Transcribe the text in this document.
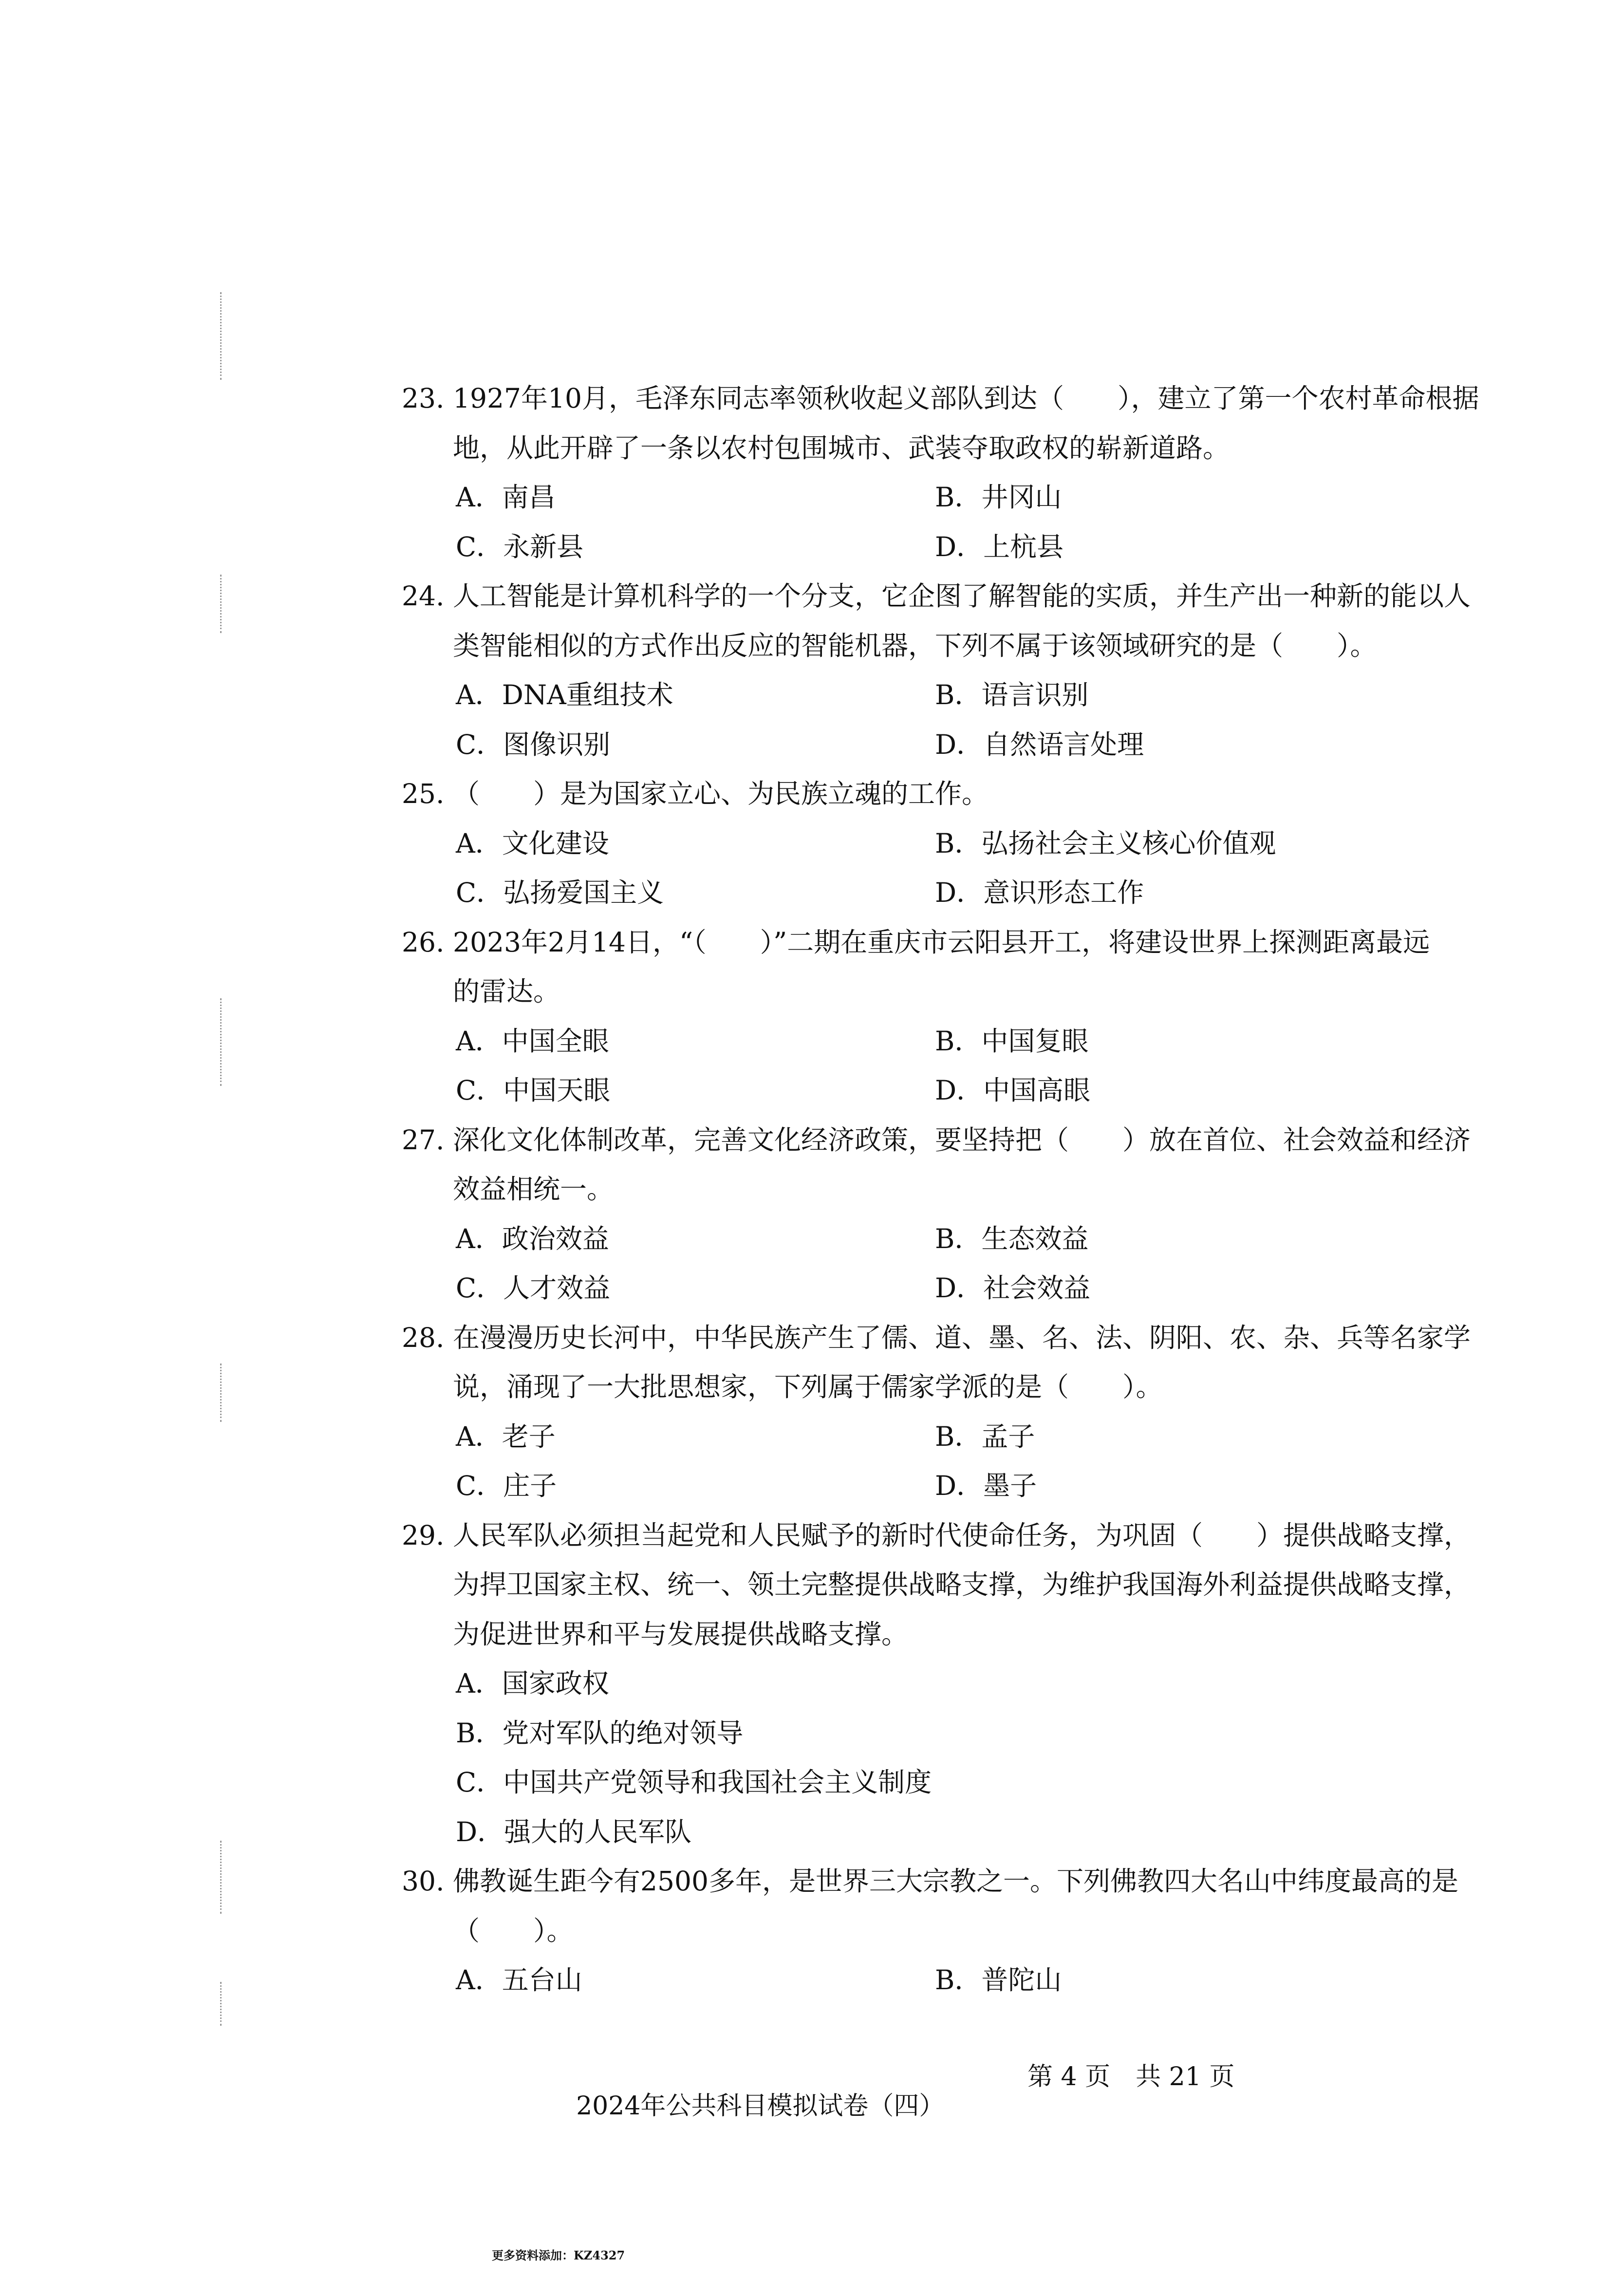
23. 1927年10月，毛泽东同志率领秋收起义部队到达（　　），建立了第一个农村革命根据
地，从此开辟了一条以农村包围城市、武装夺取政权的崭新道路。
A．南昌	B．井冈山
C．永新县	D．上杭县
24. 人工智能是计算机科学的一个分支，它企图了解智能的实质，并生产出一种新的能以人
类智能相似的方式作出反应的智能机器，下列不属于该领域研究的是（　　）。
A．DNA重组技术	B．语言识别
C．图像识别	D．自然语言处理
25. （　　）是为国家立心、为民族立魂的工作。
A．文化建设	B．弘扬社会主义核心价值观
C．弘扬爱国主义	D．意识形态工作
26. 2023年2月14日，“（　　）”二期在重庆市云阳县开工，将建设世界上探测距离最远
的雷达。
A．中国全眼	B．中国复眼
C．中国天眼	D．中国高眼
27. 深化文化体制改革，完善文化经济政策，要坚持把（　　）放在首位、社会效益和经济
效益相统一。
A．政治效益	B．生态效益
C．人才效益	D．社会效益
28. 在漫漫历史长河中，中华民族产生了儒、道、墨、名、法、阴阳、农、杂、兵等名家学
说，涌现了一大批思想家，下列属于儒家学派的是（　　）。
A．老子	B．孟子
C．庄子	D．墨子
29. 人民军队必须担当起党和人民赋予的新时代使命任务，为巩固（　　）提供战略支撑，
为捍卫国家主权、统一、领土完整提供战略支撑，为维护我国海外利益提供战略支撑，
为促进世界和平与发展提供战略支撑。
A．国家政权
B．党对军队的绝对领导
C．中国共产党领导和我国社会主义制度
D．强大的人民军队
30. 佛教诞生距今有2500多年，是世界三大宗教之一。下列佛教四大名山中纬度最高的是
（　　）。
A．五台山	B．普陀山

2024年公共科目模拟试卷（四）

第 4 页　共 21 页

更多资料添加：KZ4327
